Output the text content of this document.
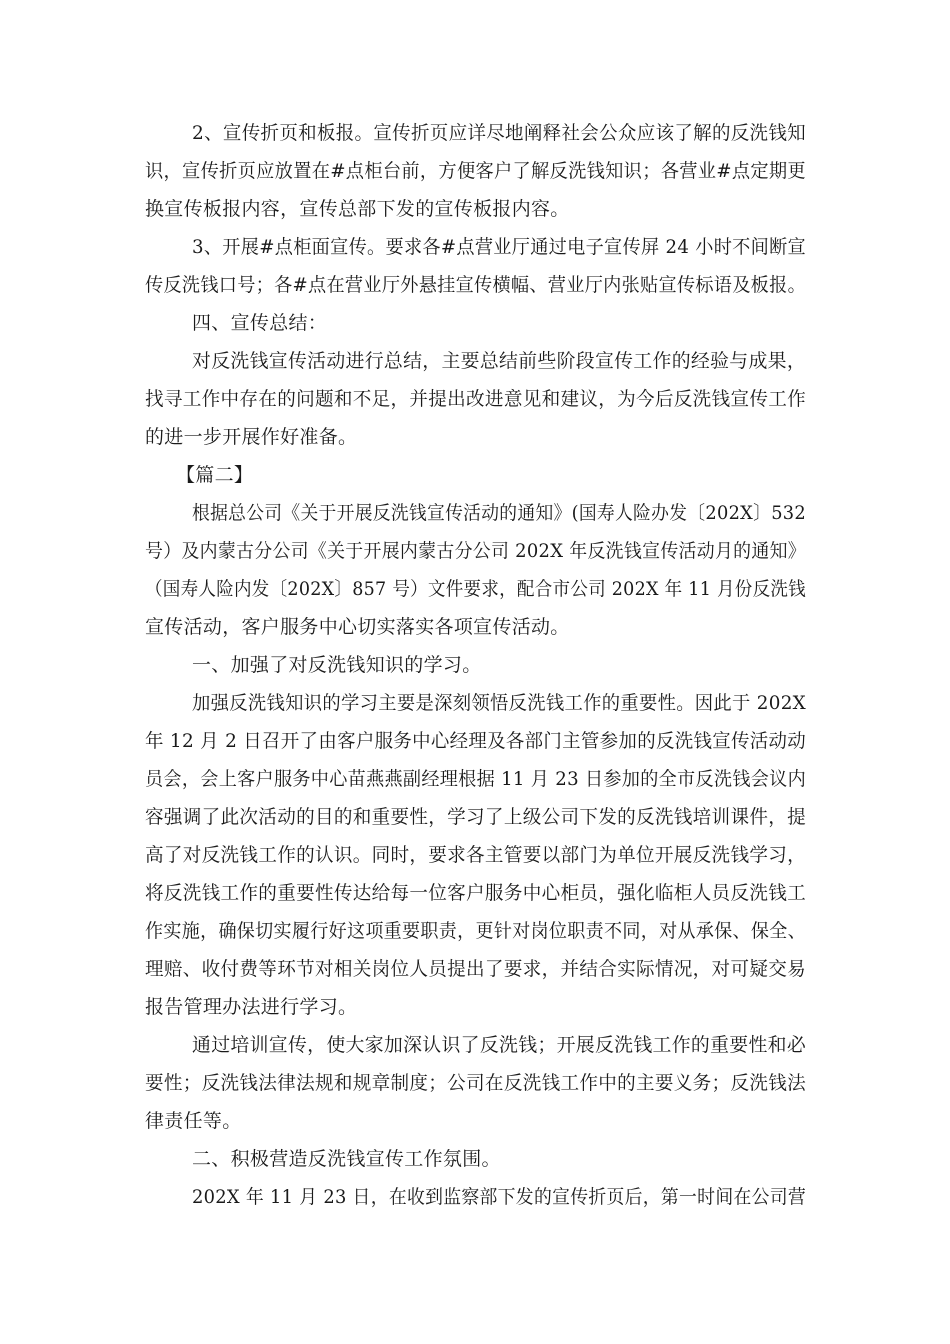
2、宣传折页和板报。宣传折页应详尽地阐释社会公众应该了解的反洗钱知
识，宣传折页应放置在#点柜台前，方便客户了解反洗钱知识；各营业#点定期更
换宣传板报内容，宣传总部下发的宣传板报内容。
3、开展#点柜面宣传。要求各#点营业厅通过电子宣传屏 24 小时不间断宣
传反洗钱口号；各#点在营业厅外悬挂宣传横幅、营业厅内张贴宣传标语及板报。
四、宣传总结：
对反洗钱宣传活动进行总结，主要总结前些阶段宣传工作的经验与成果，
找寻工作中存在的问题和不足，并提出改进意见和建议，为今后反洗钱宣传工作
的进一步开展作好准备。
【篇二】
根据总公司《关于开展反洗钱宣传活动的通知》(国寿人险办发〔202X〕532
号）及内蒙古分公司《关于开展内蒙古分公司 202X 年反洗钱宣传活动月的通知》
（国寿人险内发〔202X〕857 号）文件要求，配合市公司 202X 年 11 月份反洗钱
宣传活动，客户服务中心切实落实各项宣传活动。
一、加强了对反洗钱知识的学习。
加强反洗钱知识的学习主要是深刻领悟反洗钱工作的重要性。因此于 202X
年 12 月 2 日召开了由客户服务中心经理及各部门主管参加的反洗钱宣传活动动
员会，会上客户服务中心苗燕燕副经理根据 11 月 23 日参加的全市反洗钱会议内
容强调了此次活动的目的和重要性，学习了上级公司下发的反洗钱培训课件，提
高了对反洗钱工作的认识。同时，要求各主管要以部门为单位开展反洗钱学习，
将反洗钱工作的重要性传达给每一位客户服务中心柜员，强化临柜人员反洗钱工
作实施，确保切实履行好这项重要职责，更针对岗位职责不同，对从承保、保全、
理赔、收付费等环节对相关岗位人员提出了要求，并结合实际情况，对可疑交易
报告管理办法进行学习。
通过培训宣传，使大家加深认识了反洗钱；开展反洗钱工作的重要性和必
要性；反洗钱法律法规和规章制度；公司在反洗钱工作中的主要义务；反洗钱法
律责任等。
二、积极营造反洗钱宣传工作氛围。
202X 年 11 月 23 日，在收到监察部下发的宣传折页后，第一时间在公司营
